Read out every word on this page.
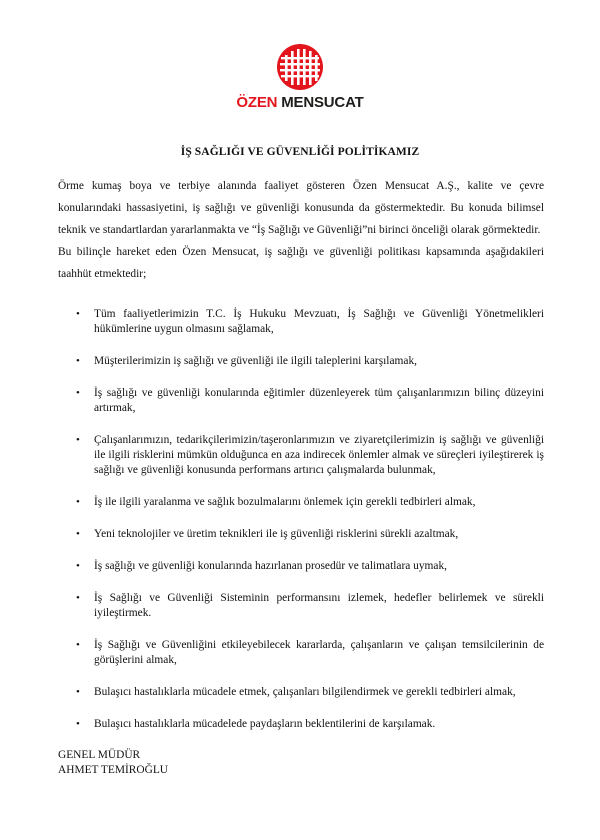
ÖZEN MENSUCAT
İŞ SAĞLIĞI VE GÜVENLİĞİ POLİTİKAMIZ

Örme kumaş boya ve terbiye alanında faaliyet gösteren Özen Mensucat A.Ş., kalite ve çevre konularındaki hassasiyetini, iş sağlığı ve güvenliği konusunda da göstermektedir. Bu konuda bilimsel teknik ve standartlardan yararlanmakta ve “İş Sağlığı ve Güvenliği”ni birinci önceliği olarak görmektedir.

Bu bilinçle hareket eden Özen Mensucat, iş sağlığı ve güvenliği politikası kapsamında aşağıdakileri taahhüt etmektedir;

• Tüm faaliyetlerimizin T.C. İş Hukuku Mevzuatı, İş Sağlığı ve Güvenliği Yönetmelikleri hükümlerine uygun olmasını sağlamak,
• Müşterilerimizin iş sağlığı ve güvenliği ile ilgili taleplerini karşılamak,
• İş sağlığı ve güvenliği konularında eğitimler düzenleyerek tüm çalışanlarımızın bilinç düzeyini artırmak,
• Çalışanlarımızın, tedarikçilerimizin/taşeronlarımızın ve ziyaretçilerimizin iş sağlığı ve güvenliği ile ilgili risklerini mümkün olduğunca en aza indirecek önlemler almak ve süreçleri iyileştirerek iş sağlığı ve güvenliği konusunda performans artırıcı çalışmalarda bulunmak,
• İş ile ilgili yaralanma ve sağlık bozulmalarını önlemek için gerekli tedbirleri almak,
• Yeni teknolojiler ve üretim teknikleri ile iş güvenliği risklerini sürekli azaltmak,
• İş sağlığı ve güvenliği konularında hazırlanan prosedür ve talimatlara uymak,
• İş Sağlığı ve Güvenliği Sisteminin performansını izlemek, hedefler belirlemek ve sürekli iyileştirmek.
• İş Sağlığı ve Güvenliğini etkileyebilecek kararlarda, çalışanların ve çalışan temsilcilerinin de görüşlerini almak,
• Bulaşıcı hastalıklarla mücadele etmek, çalışanları bilgilendirmek ve gerekli tedbirleri almak,
• Bulaşıcı hastalıklarla mücadelede paydaşların beklentilerini de karşılamak.
GENEL MÜDÜR
AHMET TEMİROĞLU
